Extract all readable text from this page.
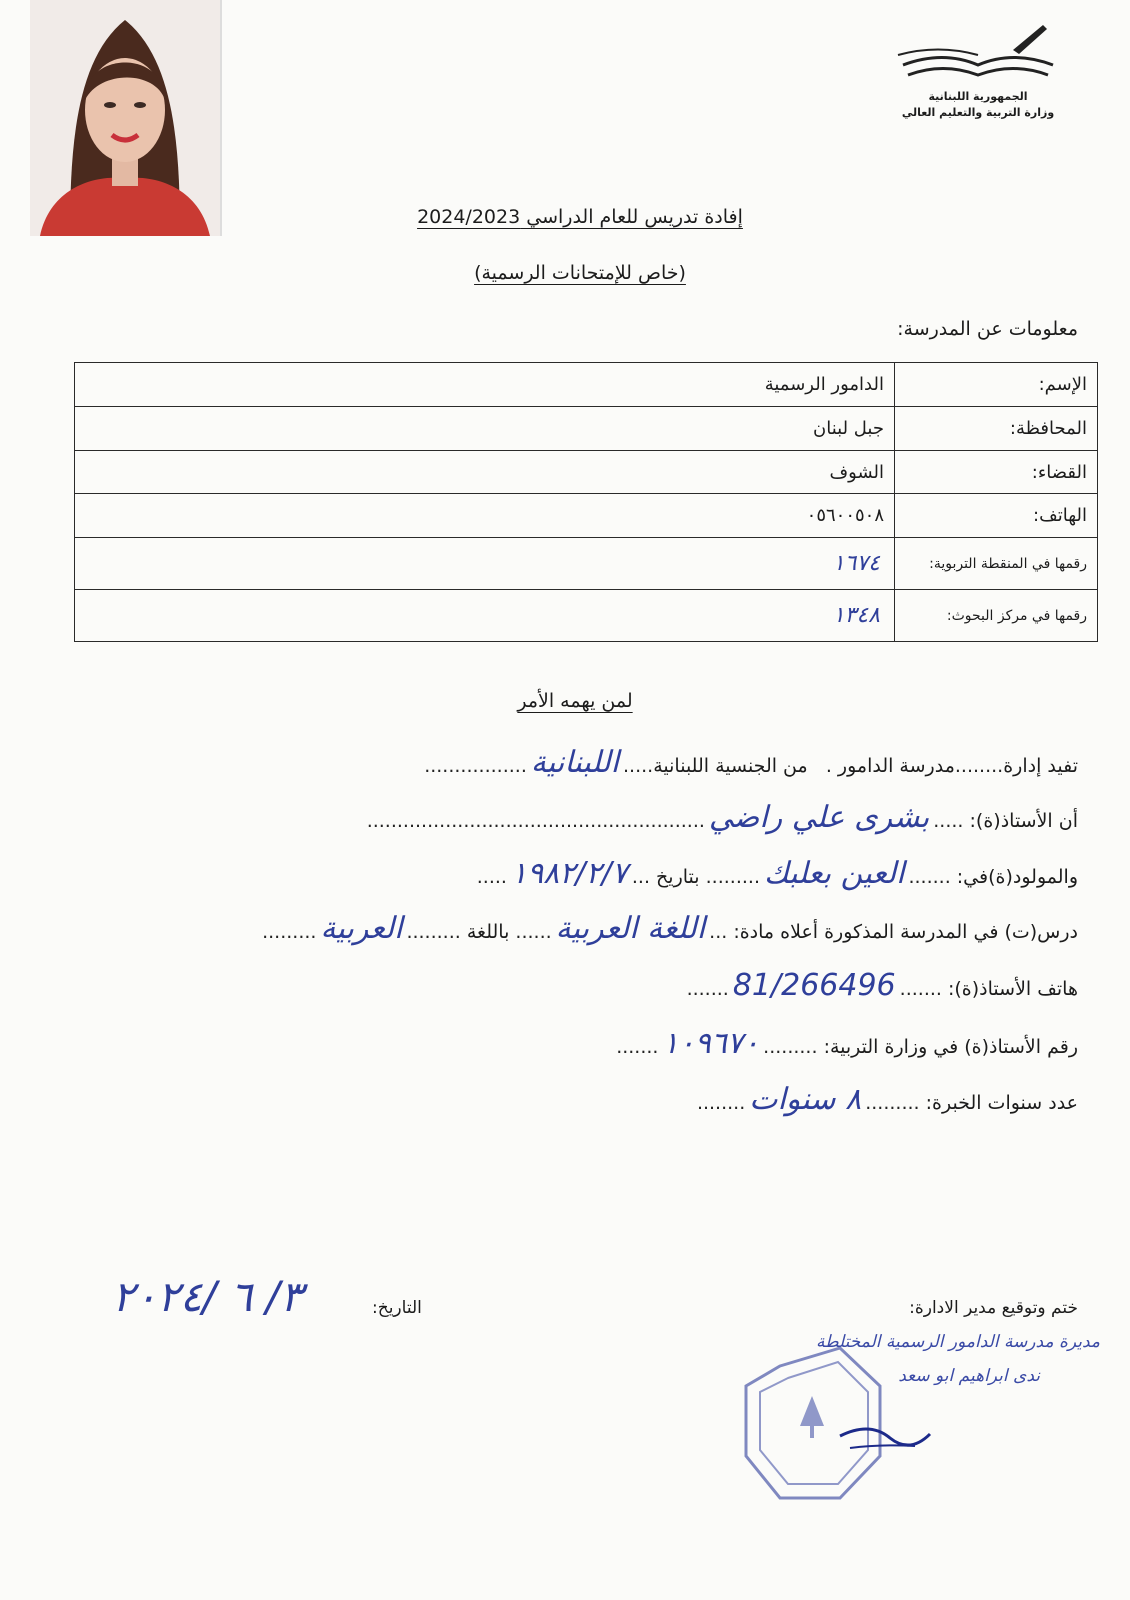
الجمهورية اللبنانية
وزارة التربية والتعليم العالي
إفادة تدريس للعام الدراسي 2024/2023
(خاص للإمتحانات الرسمية)
معلومات عن المدرسة:
الإسم:	الدامور الرسمية
المحافظة:	جبل لبنان
القضاء:	الشوف
الهاتف:	٠٥٦٠٠٥٠٨
رقمها في المنقطة التربوية:	١٦٧٤
رقمها في مركز البحوث:	١٣٤٨
لمن يهمه الأمر
تفيد إدارة........مدرسة الدامور .   من الجنسية اللبنانية.....اللبنانية.................
أن الأستاذ(ة): .....بشرى علي راضي........................................................
والمولود(ة)في: .......العين بعلبك......... بتاريخ ...١٩٨٢/٢/٧.....
درس(ت) في المدرسة المذكورة أعلاه مادة: ...اللغة العربية...... باللغة .........العربية.........
هاتف الأستاذ(ة): .......81/266496.......
رقم الأستاذ(ة) في وزارة التربية: .........١٠٩٦٧٠.......
عدد سنوات الخبرة: .........٨ سنوات........
ختم وتوقيع مدير الادارة:
التاريخ:
٣/ ٦ /٢٠٢٤
مديرة مدرسة الدامور الرسمية المختلطة
ندى ابراهيم ابو سعد
